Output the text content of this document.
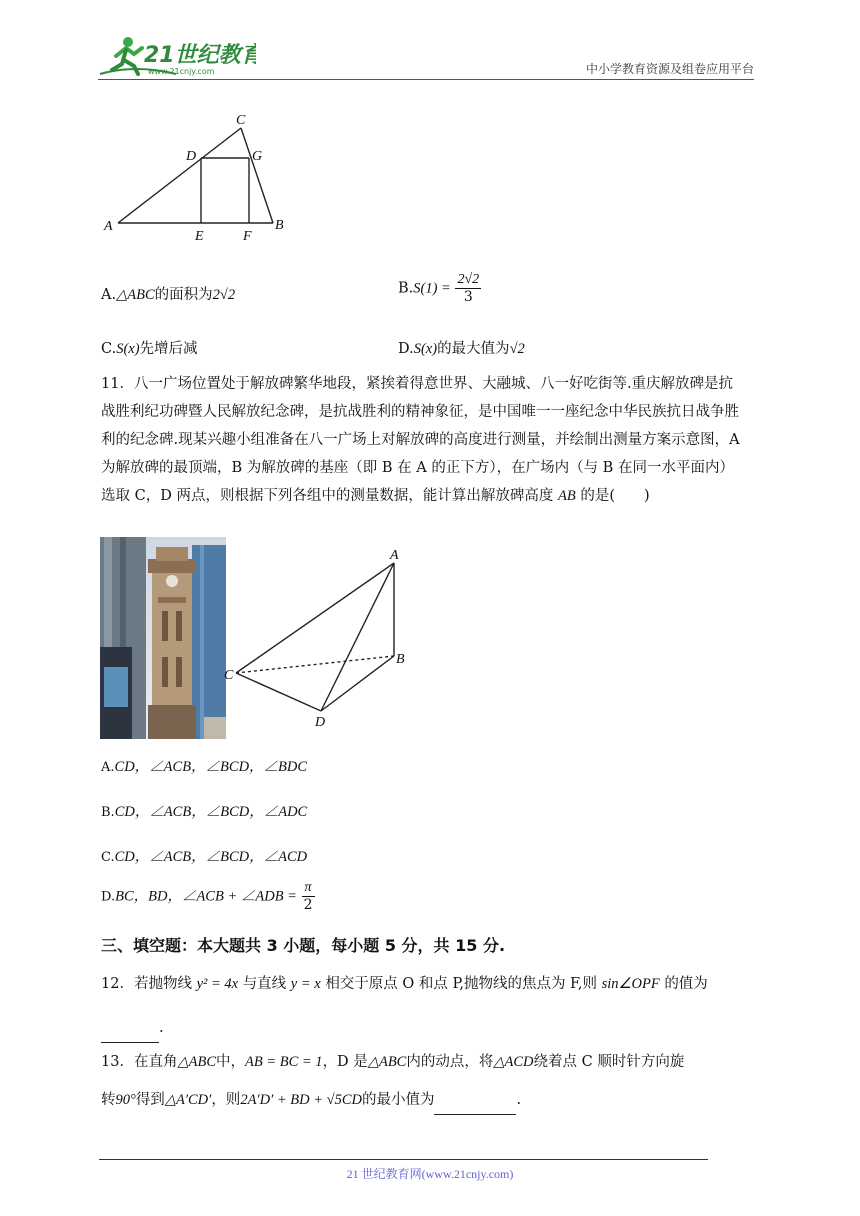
21世纪教育
www.21cnjy.com	中小学教育资源及组卷应用平台
A	B
C
D
E	F
G
A.△ABC的面积为2√2	$B.S(1) = \frac{2√2}{3}$
C.S(x)先增后减	D.S(x)的最大值为√2
11．八一广场位置处于解放碑繁华地段，紧挨着得意世界、大融城、八一好吃街等.重庆解放碑是抗
战胜利纪功碑暨人民解放纪念碑，是抗战胜利的精神象征，是中国唯一一座纪念中华民族抗日战争胜
利的纪念碑.现某兴趣小组准备在八一广场上对解放碑的高度进行测量，并绘制出测量方案示意图，A
为解放碑的最顶端，B 为解放碑的基座（即 B 在 A 的正下方），在广场内（与 B 在同一水平面内）
选取 C，D 两点，则根据下列各组中的测量数据，能计算出解放碑高度 AB 的是(　　)
A
B
C
D
A.CD，∠ACB，∠BCD，∠BDC
B.CD，∠ACB，∠BCD，∠ADC
C.CD，∠ACB，∠BCD，∠ACD
D.BC，BD，∠ACB + ∠ADB = $\frac{\pi}{2}$
三、填空题：本大题共 3 小题，每小题 5 分，共 15 分.
12．若抛物线 y² = 4x 与直线 y = x 相交于原点 O 和点 P,抛物线的焦点为 F,则 sin∠OPF 的值为
.
13．在直角△ABC中，AB = BC = 1，D 是△ABC内的动点，将△ACD绕着点 C 顺时针方向旋
转90°得到△A′CD′，则2A′D′ + BD + √5CD的最小值为	.
21 世纪教育网(www.21cnjy.com)
